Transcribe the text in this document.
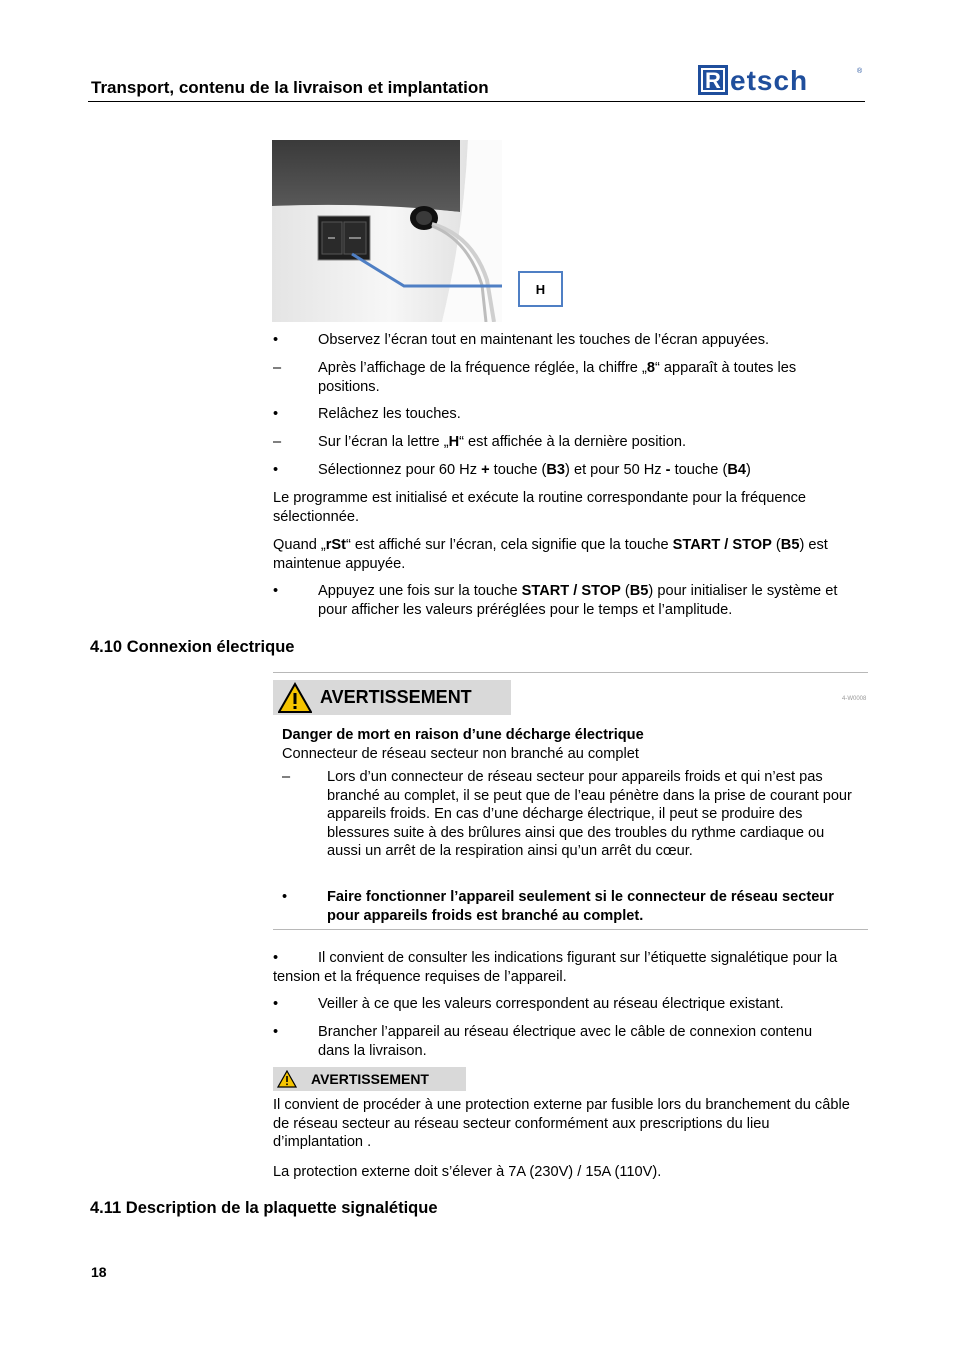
Transport, contenu de la livraison et implantation	R etsch	®
H
•	Observez l’écran tout en maintenant les touches de l’écran appuyées.
–	Après l’affichage de la fréquence réglée, la chiffre „8“ apparaît à toutes les positions.
•	Relâchez les touches.
–	Sur l’écran la lettre „H“ est affichée à la dernière position.
•	Sélectionnez pour 60 Hz + touche (B3) et pour 50 Hz - touche (B4)
Le programme est initialisé et exécute la routine correspondante pour la fréquence sélectionnée.
Quand „rSt“ est affiché sur l’écran, cela signifie que la touche START / STOP (B5) est maintenue appuyée.
•	Appuyez une fois sur la touche START / STOP (B5) pour initialiser le système et pour afficher les valeurs préréglées pour le temps et l’amplitude.
4.10 Connexion électrique
AVERTISSEMENT	4-W0008
Danger de mort en raison d’une décharge électrique
Connecteur de réseau secteur non branché au complet
–	Lors d’un connecteur de réseau secteur pour appareils froids et qui n’est pas branché au complet, il se peut que de l’eau pénètre dans la prise de courant pour appareils froids. En cas d’une décharge électrique, il peut se produire des blessures suite à des brûlures ainsi que des troubles du rythme cardiaque ou aussi un arrêt de la respiration ainsi qu’un arrêt du cœur.
•	Faire fonctionner l’appareil seulement si le connecteur de réseau secteur pour appareils froids est branché au complet.
•	Il convient de consulter les indications figurant sur l’étiquette signalétique pour la tension et la fréquence requises de l’appareil.
•	Veiller à ce que les valeurs correspondent au réseau électrique existant.
•	Brancher l’appareil au réseau électrique avec le câble de connexion contenu dans la livraison.
AVERTISSEMENT
Il convient de procéder à une protection externe par fusible lors du branchement du câble de réseau secteur au réseau secteur conformément aux prescriptions du lieu d’implantation .
La protection externe doit s’élever à 7A (230V) / 15A (110V).
4.11 Description de la plaquette signalétique
18
